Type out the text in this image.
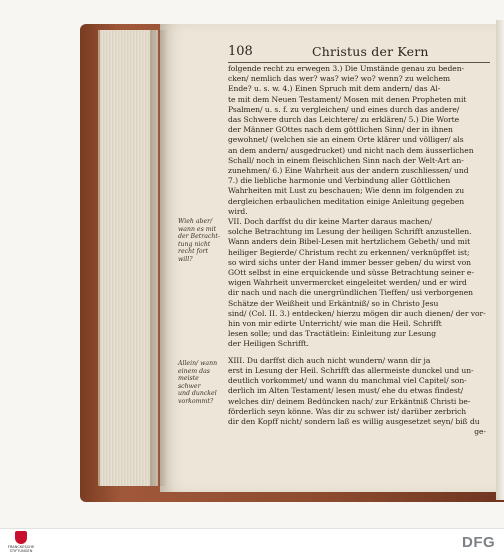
108	Christus der Kern
folgende recht zu erwegen 3.) Die Umstände genau zu beden-
cken/ nemlich das wer? was? wie? wo? wenn? zu welchem
Ende? u. s. w. 4.) Einen Spruch mit dem andern/ das Al-
te mit dem Neuen Testament/ Mosen mit denen Propheten mit
Psalmen/ u. s. f. zu vergleichen/ und eines durch das andere/
das Schwere durch das Leichtere/ zu erklären/ 5.) Die Worte
der Männer GOttes nach dem göttlichen Sinn/ der in ihnen
gewohnet/ (welchen sie an einem Orte klärer und völliger/ als
an dem andern/ ausgedrucket) und nicht nach dem äusserlichen
Schall/ noch in einem fleischlichen Sinn nach der Welt-Art an-
zunehmen/ 6.) Eine Wahrheit aus der andern zuschliessen/ und
7.) die liebliche harmonie und Verbindung aller Göttlichen
Wahrheiten mit Lust zu beschauen; Wie denn im folgenden zu
dergleichen erbaulichen meditation einige Anleitung gegeben
wird.
VII. Doch darffst du dir keine Marter daraus machen/
solche Betrachtung im Lesung der heiligen Schrifft anzustellen.
Wann anders dein Bibel-Lesen mit hertzlichem Gebeth/ und mit
heiliger Begierde/ Christum recht zu erkennen/ verknüpffet ist;
so wird sichs unter der Hand immer besser geben/ du wirst von
GOtt selbst in eine erquickende und süsse Betrachtung seiner e-
wigen Wahrheit unvermercket eingeleitet werden/ und er wird
dir nach und nach die unergründlichen Tieffen/ usi verborgenen
Schätze der Weißheit und Erkäntniß/ so in Christo Jesu
sind/ (Col. II. 3.) entdecken/ hierzu mögen dir auch dienen/ der vor-
hin von mir edirte Unterricht/ wie man die Heil. Schrifft
lesen solle; und das Tractätlein: Einleitung zur Lesung
der Heiligen Schrifft.
XIII. Du darffst dich auch nicht wundern/ wann dir ja
erst in Lesung der Heil. Schrifft das allermeiste dunckel und un-
deutlich vorkommet/ und wann du manchmal viel Capitel/ son-
derlich im Alten Testament/ lesen must/ ehe du etwas findest/
welches dir/ deinem Bedüncken nach/ zur Erkäntniß Christi be-
förderlich seyn könne. Was dir zu schwer ist/ darüber zerbrich
dir den Kopff nicht/ sondern laß es willig ausgesetzet seyn/ biß du
ge-
Wieh aber/
wann es mit
der Betracht-
tung nicht
recht fort
will?
Allein/ wann
einem das
meiste schwer
und dunckel
vorkommt?
FRANCKESCHE
STIFTUNGEN	DFG
